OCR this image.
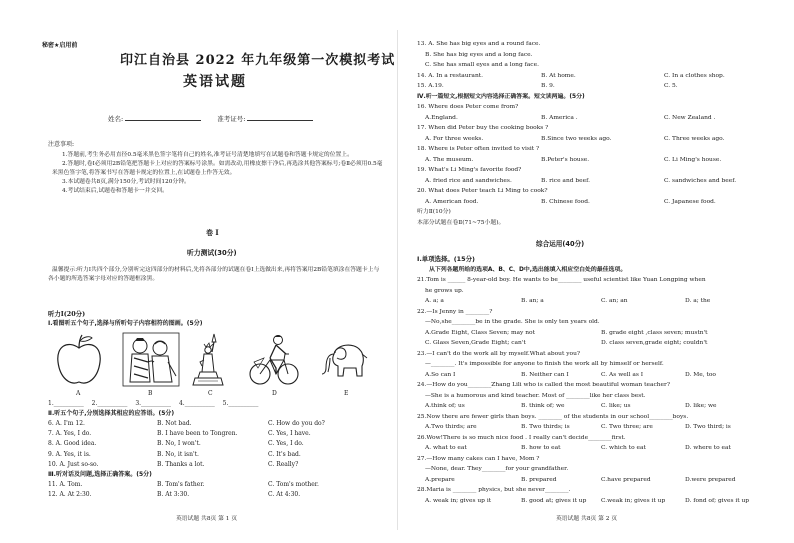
秘密★启用前
印江自治县 2022 年九年级第一次模拟考试
英语试题
姓名:	准考证号:
注意事项:

1.答题前,考生务必用直径0.5毫米黑色签字笔将自己的姓名,准考证号清楚地填写在试题卷和答题卡规定的位置上。

2.答题时,卷Ⅰ必须用2B铅笔把答题卡上对应的答案标号涂黑。如需改动,用橡皮擦干净后,再选涂其他答案标号;卷Ⅱ必须用0.5毫米黑色签字笔,将答案书写在答题卡规定的位置上,在试题卷上作答无效。

3.本试题卷共8页,满分150分,考试时间120分钟。

4.考试结束后,试题卷和答题卡一并交回。

卷 Ⅰ
听力测试(30分)

温馨提示:听力Ⅰ共四个部分,分别听完这四部分的材料后,先将各部分的试题在卷Ⅰ上选做出来,再将答案用2B铅笔填涂在答题卡上与各小题的所选答案字母对应的答题框涂黑。

听力Ⅰ(20分)
Ⅰ.看图听五个句子,选择与所听句子内容相符的图画。(5分)
A	B	C	D	E
1.__________ 2.__________ 3.__________ 4.__________ 5.__________
Ⅱ.听五个句子,分别选择其相应的应答语。(5分)
6. A. I'm 12.	B. Not bad.	C. How do you do?
7. A. Yes, I do.	B. I have been to Tongren.	C. Yes, I have.
8. A. Good idea.	B. No, I won't.	C. Yes, I do.
9. A. Yes, it is.	B. No, it isn't.	C. It's bad.
10. A. Just so-so.	B. Thanks a lot.	C. Really?
Ⅲ.听对话及问题,选择正确答案。(5分)
11. A. Tom.	B. Tom's father.	C. Tom's mother.
12. A. At 2:30.	B. At 3:30.	C. At 4:30.
英语试题 共8页 第 1 页
13. A. She has big eyes and a round face.
B. She has big eyes and a long face.
C. She has small eyes and a long face.
14. A. In a restaurant.	B. At home.	C. In a clothes shop.
15. A.19.	B. 9.	C. 5.
Ⅳ.听一篇短文,根据短文内容选择正确答案。短文读两遍。(5分)
16. Where does Peter come from?
A.England.	B. America .	C. New Zealand .
17. When did Peter buy the cooking books ?
A. For three weeks.	B.Since two weeks ago.	C. Three weeks ago.
18. Where is Peter often invited to visit ?
A. The museum.	B.Peter's house.	C. Li Ming's house.
19. What's Li Ming's favorite food?
A. fried rice and sandwiches.	B. rice and beef.	C. sandwiches and beef.
20. What does Peter teach Li Ming to cook?
A. American food.	B. Chinese food.	C. Japanese food.
听力Ⅱ(10分)
本部分试题在卷Ⅱ(71~75小题)。
综合运用(40分)
Ⅰ.单项选择。(15分)
从下列各题所给的选项A、B、C、D中,选出能填入相应空白处的最佳选项。
21.Tom is ______ 8-year-old boy. He wants to be________ useful scientist like Yuan Longping when
he grows up.
A. a; a	B. an; a	C. an; an	D. a; the
22.—Is Jenny in ________?
—No,she________be in the grade. She is only ten years old.
A.Grade Eight, Class Seven; may not	B. grade eight ,class seven; mustn't
C. Glass Seven,Grade Eight; can't	D. class seven,grade eight; couldn't
23.—I can't do the work all by myself.What about you?
—________. It's impossible for anyone to finish the work all by himself or herself.
A.So can I	B. Neither can I	C. As well as I	D. Me, too
24.—How do you________Zhang Lili who is called the most beautiful woman teacher?
—She is a humorous and kind teacher. Most of ________like her class best.
A.think of; us	B. think of; we	C. like; us	D. like; we
25.Now there are fewer girls than boys. ________ of the students in our school________boys.
A.Two thirds; are	B. Two thirds; is	C. Two three; are	D. Two third; is
26.Wow!There is so much nice food . I really can't decide________first.
A. what to eat	B. how to eat	C. which to eat	D. where to eat
27.—How many cakes can I have, Mom ?
—None, dear. They________for your grandfather.
A.prepare	B. prepared	C.have prepared	D.were prepared
28.Maria is ________ physics, but she never________.
A. weak in; gives up it	B. good at; gives it up C.weak in; gives it up	D. fond of; gives it up
英语试题 共8页 第 2 页
